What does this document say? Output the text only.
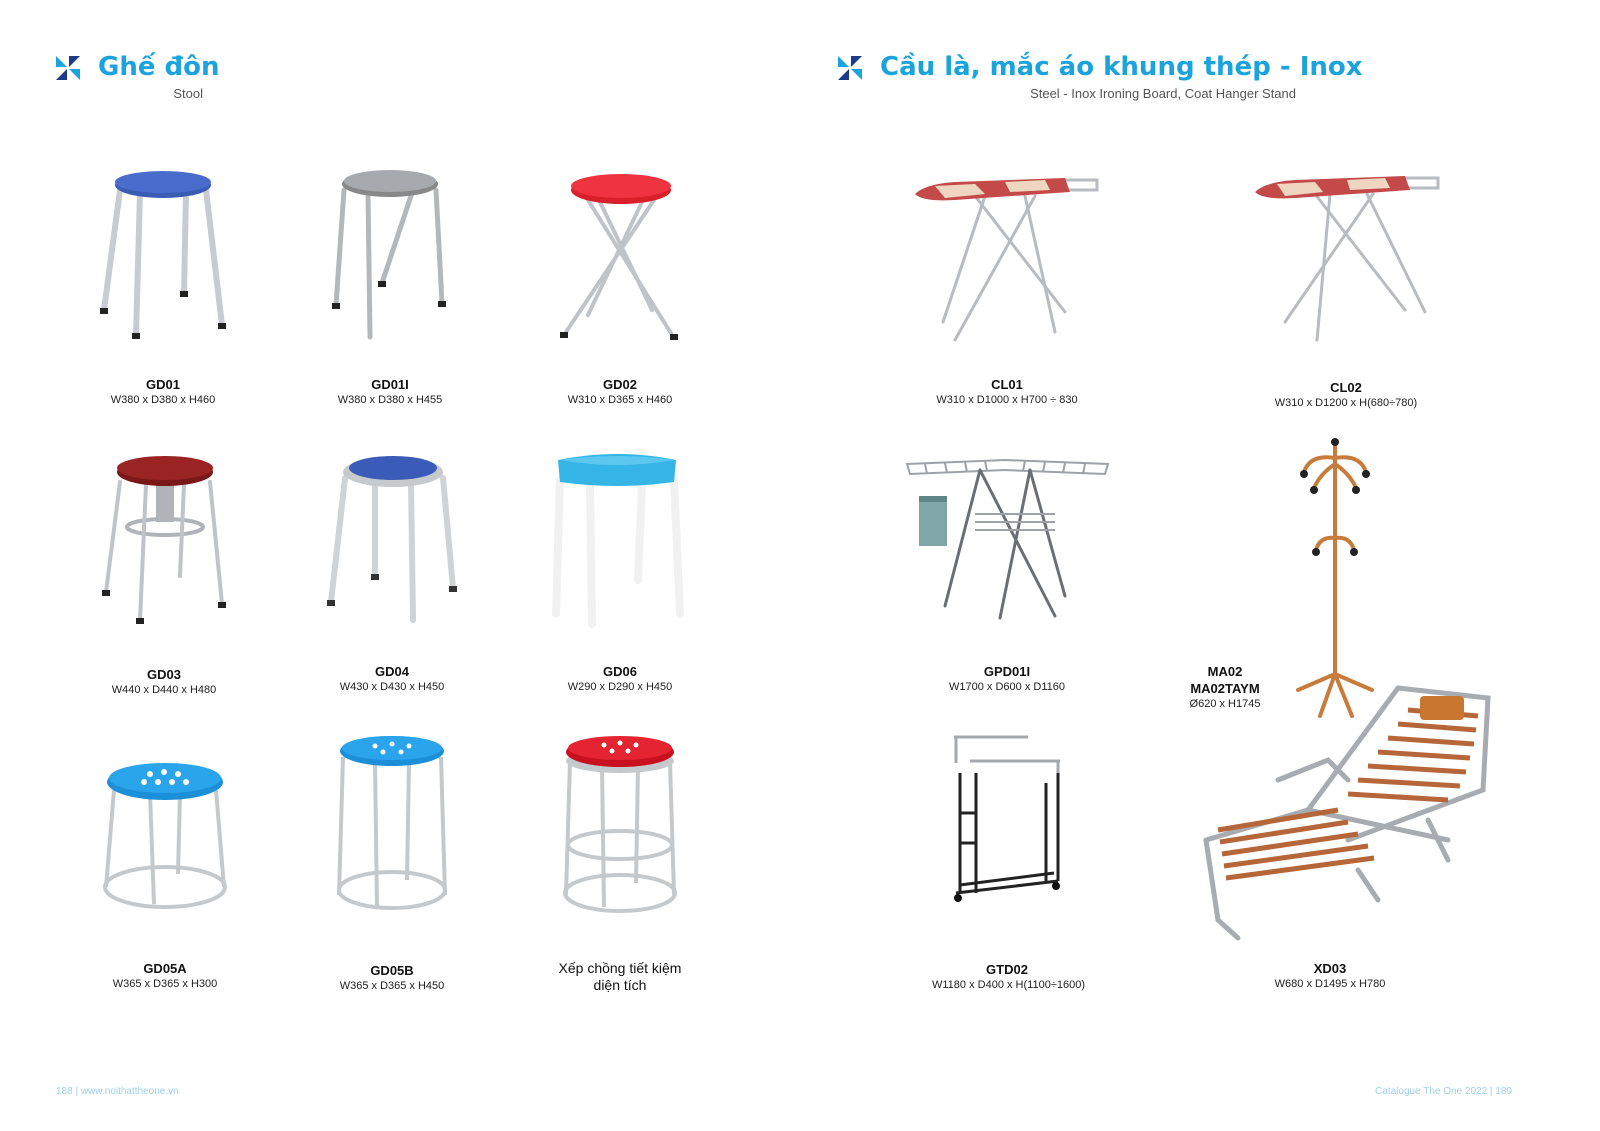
Ghế đôn
Stool
Cầu là, mắc áo khung thép - Inox
Steel - Inox Ironing Board, Coat Hanger Stand
GD01
W380 x D380 x H460
GD01I
W380 x D380 x H455
GD02
W310 x D365 x H460
GD03
W440 x D440 x H480
GD04
W430 x D430 x H450
GD06
W290 x D290 x H450
GD05A
W365 x D365 x H300
GD05B
W365 x D365 x H450
Xếp chồng tiết kiệm diện tích
CL01
W310 x D1000 x H700 ÷ 830
CL02
W310 x D1200 x H(680÷780)
GPD01I
W1700 x D600 x D1160
MA02
MA02TAYM
Ø620 x H1745
GTD02
W1180 x D400 x H(1100÷1600)
XD03
W680 x D1495 x H780
188 | www.noithattheone.vn	Catalogue The One 2022 | 189
